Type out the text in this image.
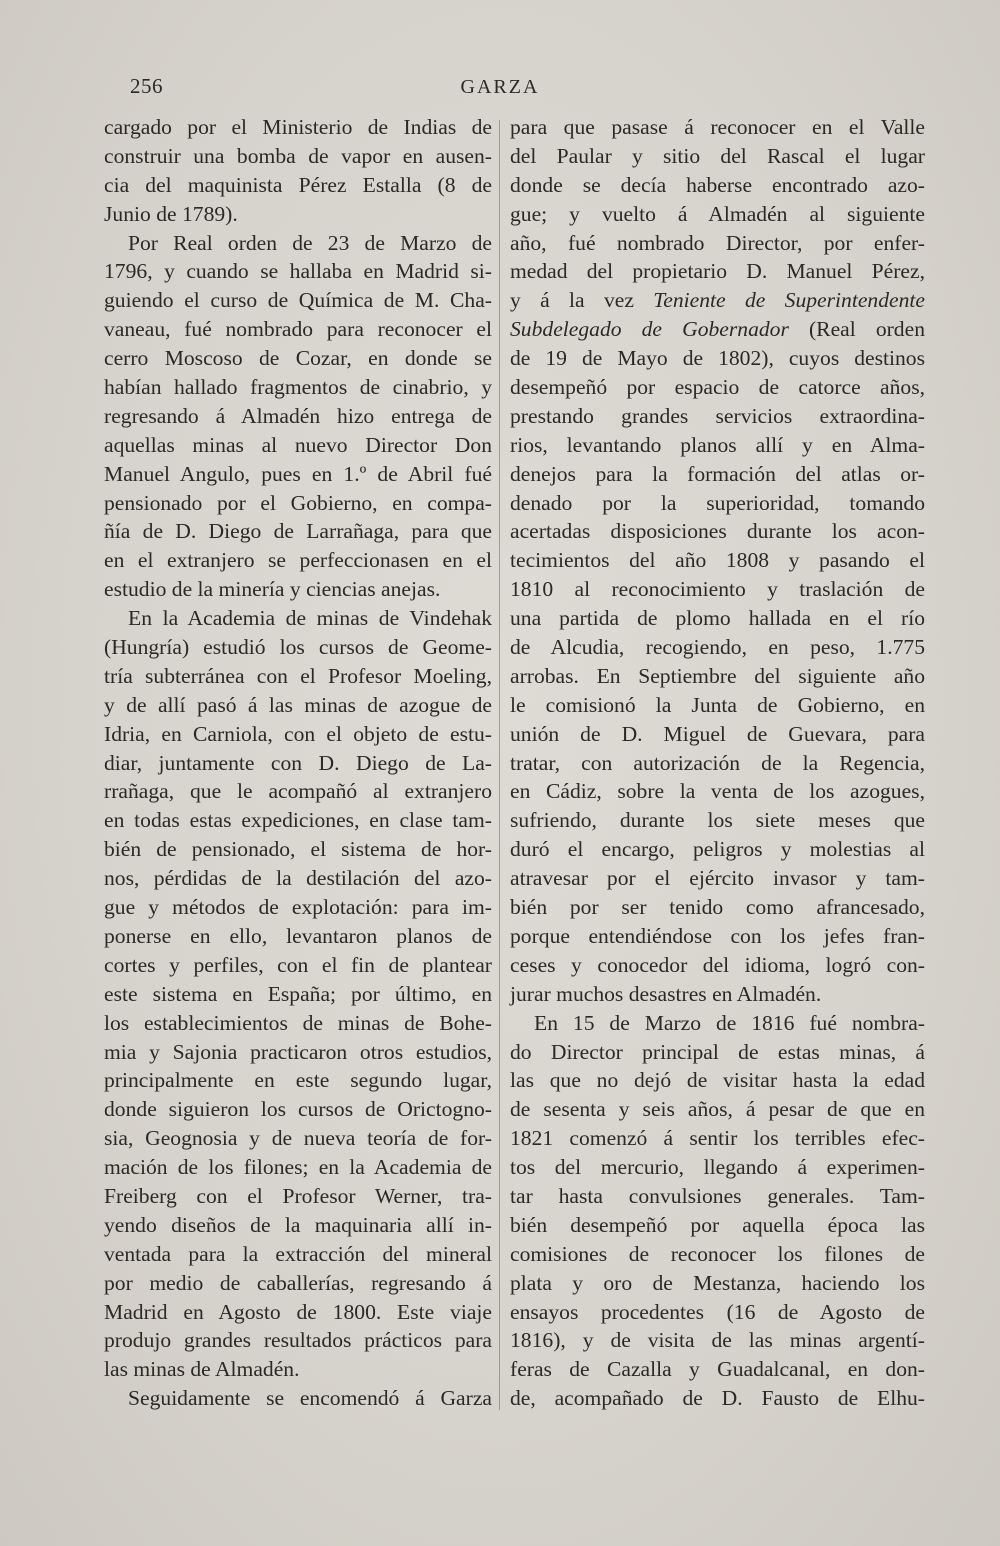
256	GARZA
cargado por el Ministerio de Indias de
construir una bomba de vapor en ausen-
cia del maquinista Pérez Estalla (8 de
Junio de 1789).
Por Real orden de 23 de Marzo de
1796, y cuando se hallaba en Madrid si-
guiendo el curso de Química de M. Cha-
vaneau, fué nombrado para reconocer el
cerro Moscoso de Cozar, en donde se
habían hallado fragmentos de cinabrio, y
regresando á Almadén hizo entrega de
aquellas minas al nuevo Director Don
Manuel Angulo, pues en 1.º de Abril fué
pensionado por el Gobierno, en compa-
ñía de D. Diego de Larrañaga, para que
en el extranjero se perfeccionasen en el
estudio de la minería y ciencias anejas.
En la Academia de minas de Vindehak
(Hungría) estudió los cursos de Geome-
tría subterránea con el Profesor Moeling,
y de allí pasó á las minas de azogue de
Idria, en Carniola, con el objeto de estu-
diar, juntamente con D. Diego de La-
rrañaga, que le acompañó al extranjero
en todas estas expediciones, en clase tam-
bién de pensionado, el sistema de hor-
nos, pérdidas de la destilación del azo-
gue y métodos de explotación: para im-
ponerse en ello, levantaron planos de
cortes y perfiles, con el fin de plantear
este sistema en España; por último, en
los establecimientos de minas de Bohe-
mia y Sajonia practicaron otros estudios,
principalmente en este segundo lugar,
donde siguieron los cursos de Orictogno-
sia, Geognosia y de nueva teoría de for-
mación de los filones; en la Academia de
Freiberg con el Profesor Werner, tra-
yendo diseños de la maquinaria allí in-
ventada para la extracción del mineral
por medio de caballerías, regresando á
Madrid en Agosto de 1800. Este viaje
produjo grandes resultados prácticos para
las minas de Almadén.
Seguidamente se encomendó á Garza
para que pasase á reconocer en el Valle
del Paular y sitio del Rascal el lugar
donde se decía haberse encontrado azo-
gue; y vuelto á Almadén al siguiente
año, fué nombrado Director, por enfer-
medad del propietario D. Manuel Pérez,
y á la vez Teniente de Superintendente
Subdelegado de Gobernador (Real orden
de 19 de Mayo de 1802), cuyos destinos
desempeñó por espacio de catorce años,
prestando grandes servicios extraordina-
rios, levantando planos allí y en Alma-
denejos para la formación del atlas or-
denado por la superioridad, tomando
acertadas disposiciones durante los acon-
tecimientos del año 1808 y pasando el
1810 al reconocimiento y traslación de
una partida de plomo hallada en el río
de Alcudia, recogiendo, en peso, 1.775
arrobas. En Septiembre del siguiente año
le comisionó la Junta de Gobierno, en
unión de D. Miguel de Guevara, para
tratar, con autorización de la Regencia,
en Cádiz, sobre la venta de los azogues,
sufriendo, durante los siete meses que
duró el encargo, peligros y molestias al
atravesar por el ejército invasor y tam-
bién por ser tenido como afrancesado,
porque entendiéndose con los jefes fran-
ceses y conocedor del idioma, logró con-
jurar muchos desastres en Almadén.
En 15 de Marzo de 1816 fué nombra-
do Director principal de estas minas, á
las que no dejó de visitar hasta la edad
de sesenta y seis años, á pesar de que en
1821 comenzó á sentir los terribles efec-
tos del mercurio, llegando á experimen-
tar hasta convulsiones generales. Tam-
bién desempeñó por aquella época las
comisiones de reconocer los filones de
plata y oro de Mestanza, haciendo los
ensayos procedentes (16 de Agosto de
1816), y de visita de las minas argentí-
feras de Cazalla y Guadalcanal, en don-
de, acompañado de D. Fausto de Elhu-
